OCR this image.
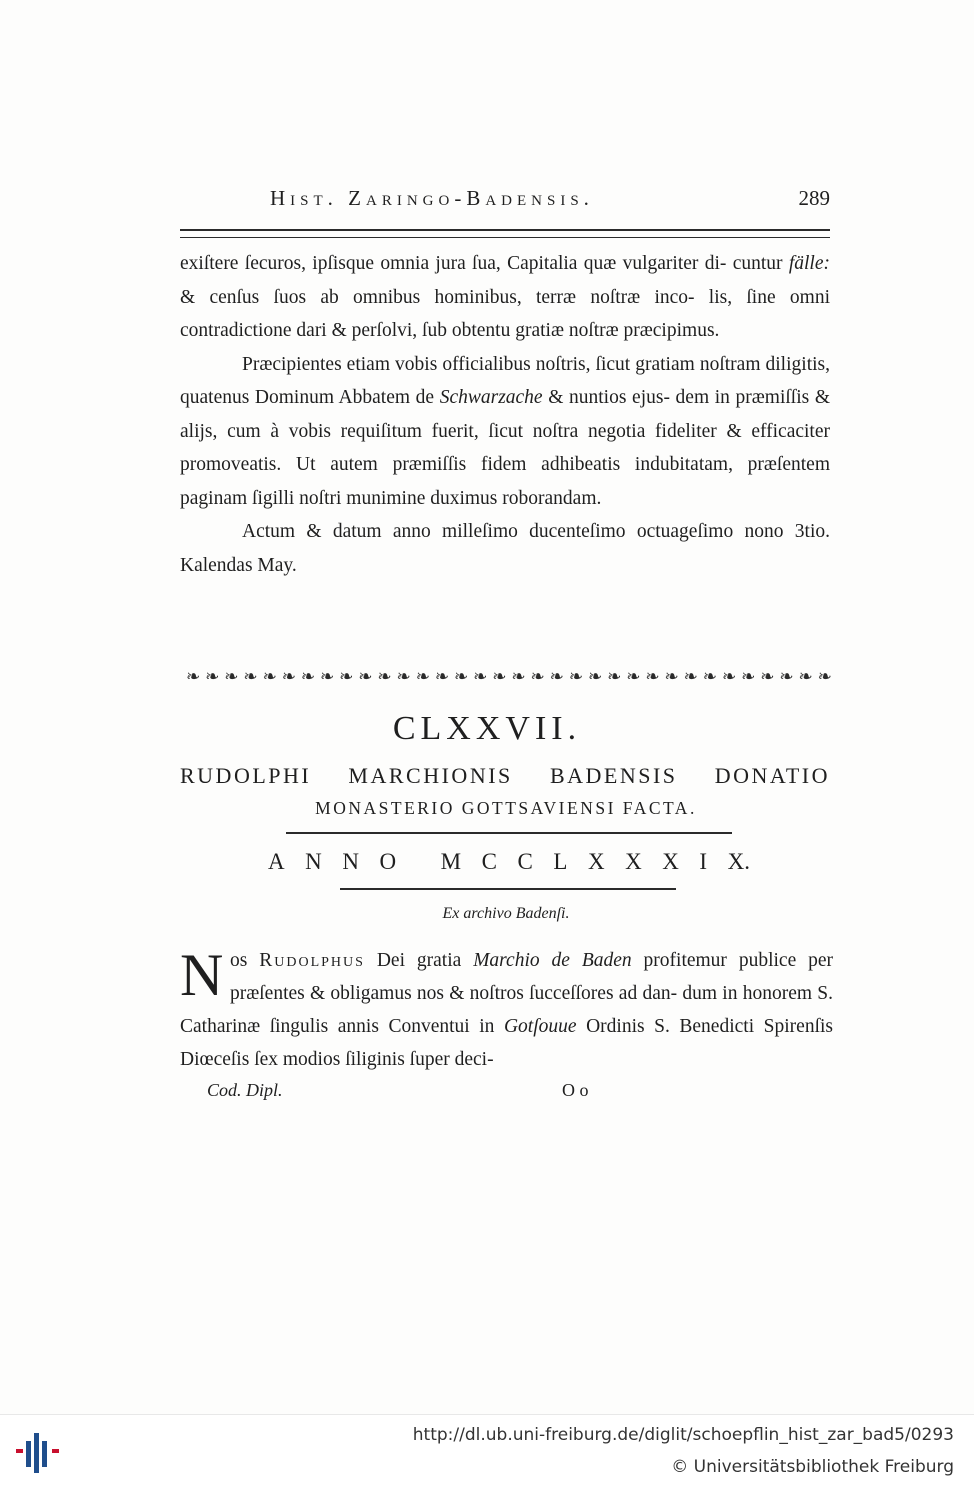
Hist. Zaringo-Badensis.	289

exiſtere ſecuros, ipſisque omnia jura ſua, Capitalia quæ vulgariter di- cuntur fälle: & cenſus ſuos ab omnibus hominibus, terræ noſtræ inco- lis, ſine omni contradictione dari & perſolvi, ſub obtentu gratiæ noſtræ præcipimus.

Præcipientes etiam vobis officialibus noſtris, ſicut gratiam noſtram diligitis, quatenus Dominum Abbatem de Schwarzache & nuntios ejus- dem in præmiſſis & alijs, cum à vobis requiſitum fuerit, ſicut noſtra negotia fideliter & efficaciter promoveatis. Ut autem præmiſſis fidem adhibeatis indubitatam, præſentem paginam ſigilli noſtri munimine duximus roborandam.

Actum & datum anno milleſimo ducenteſimo octuageſimo nono 3tio. Kalendas May.

❧ ❧ ❧ ❧ ❧ ❧ ❧ ❧ ❧ ❧ ❧ ❧ ❧ ❧ ❧ ❧ ❧ ❧ ❧ ❧ ❧ ❧ ❧ ❧ ❧ ❧ ❧ ❧ ❧ ❧ ❧ ❧ ❧ ❧
CLXXVII.
RUDOLPHI MARCHIONIS BADENSIS DONATIO
MONASTERIO GOTTSAVIENSI FACTA.
A N N O M C C L X X X I X.
Ex archivo Badenſi.
N os Rudolphus Dei gratia Marchio de Baden profitemur publice per præſentes & obligamus nos & noſtros ſucceſſores ad dan- dum in honorem S. Catharinæ ſingulis annis Conventui in Gotſouue Ordinis S. Benedicti Spirenſis Diœceſis ſex modios ſiliginis ſuper deci-
Cod. Dipl.	O o
http://dl.ub.uni-freiburg.de/diglit/schoepflin_hist_zar_bad5/0293
© Universitätsbibliothek Freiburg
